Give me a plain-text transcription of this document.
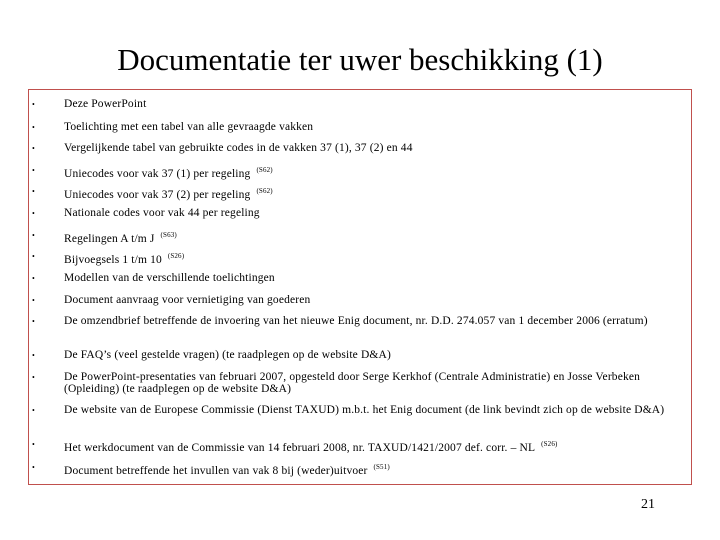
Documentatie ter uwer beschikking (1)
•	Deze PowerPoint
•	Toelichting met een tabel van alle gevraagde vakken
•	Vergelijkende tabel van gebruikte codes in de vakken 37 (1), 37 (2) en 44
•	Uniecodes voor vak 37 (1) per regeling $^{(S62)}$
•	Uniecodes voor vak 37 (2) per regeling $^{(S62)}$
•	Nationale codes voor vak 44 per regeling
•	Regelingen A t/m J $^{(S63)}$
•	Bijvoegsels 1 t/m 10 $^{(S26)}$
•	Modellen van de verschillende toelichtingen
•	Document aanvraag voor vernietiging van goederen
•	De omzendbrief betreffende de invoering van het nieuwe Enig document, nr. D.D. 274.057 van 1 december 2006 (erratum)
•	De FAQ’s (veel gestelde vragen) (te raadplegen op de website D&A)
•	De PowerPoint-presentaties van februari 2007, opgesteld door Serge Kerkhof (Centrale Administratie) en Josse Verbeken (Opleiding) (te raadplegen op de website D&A)
•	De website van de Europese Commissie (Dienst TAXUD) m.b.t. het Enig document (de link bevindt zich op de website D&A)
•	Het werkdocument van de Commissie van 14 februari 2008, nr. TAXUD/1421/2007 def. corr. – NL $^{(S26)}$
•	Document betreffende het invullen van vak 8 bij (weder)uitvoer $^{(S51)}$
21
